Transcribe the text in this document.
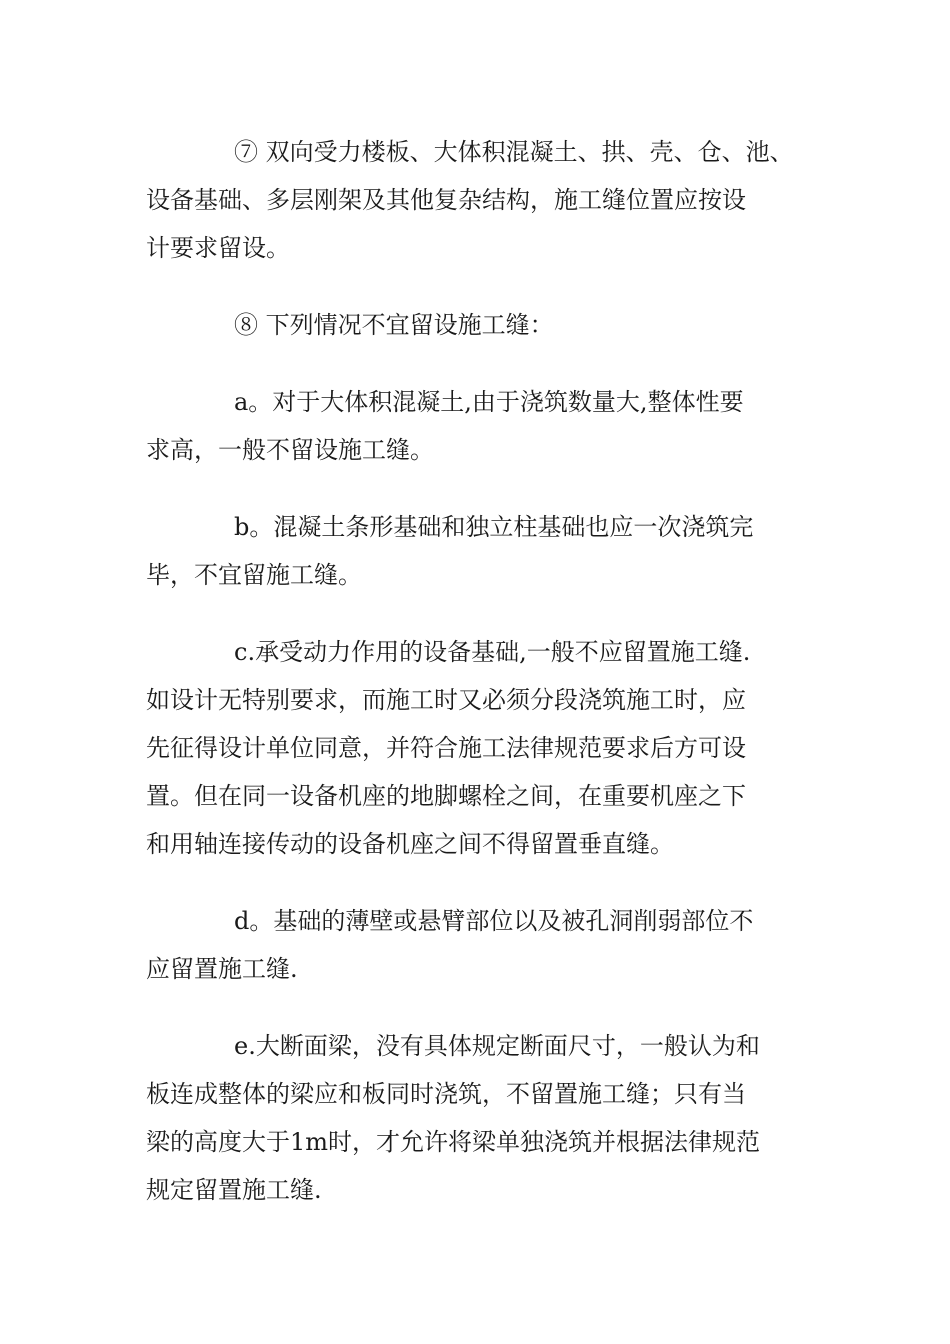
⑦ 双向受力楼板、大体积混凝土、拱、壳、仓、池、
设备基础、多层刚架及其他复杂结构，施工缝位置应按设
计要求留设。

⑧ 下列情况不宜留设施工缝：

a。对于大体积混凝土,由于浇筑数量大,整体性要
求高，一般不留设施工缝。

b。混凝土条形基础和独立柱基础也应一次浇筑完
毕，不宜留施工缝。

c.承受动力作用的设备基础,一般不应留置施工缝.
如设计无特别要求，而施工时又必须分段浇筑施工时，应
先征得设计单位同意，并符合施工法律规范要求后方可设
置。但在同一设备机座的地脚螺栓之间，在重要机座之下
和用轴连接传动的设备机座之间不得留置垂直缝。

d。基础的薄壁或悬臂部位以及被孔洞削弱部位不
应留置施工缝.

e.大断面梁，没有具体规定断面尺寸，一般认为和
板连成整体的梁应和板同时浇筑，不留置施工缝；只有当
梁的高度大于1m时，才允许将梁单独浇筑并根据法律规范
规定留置施工缝.
